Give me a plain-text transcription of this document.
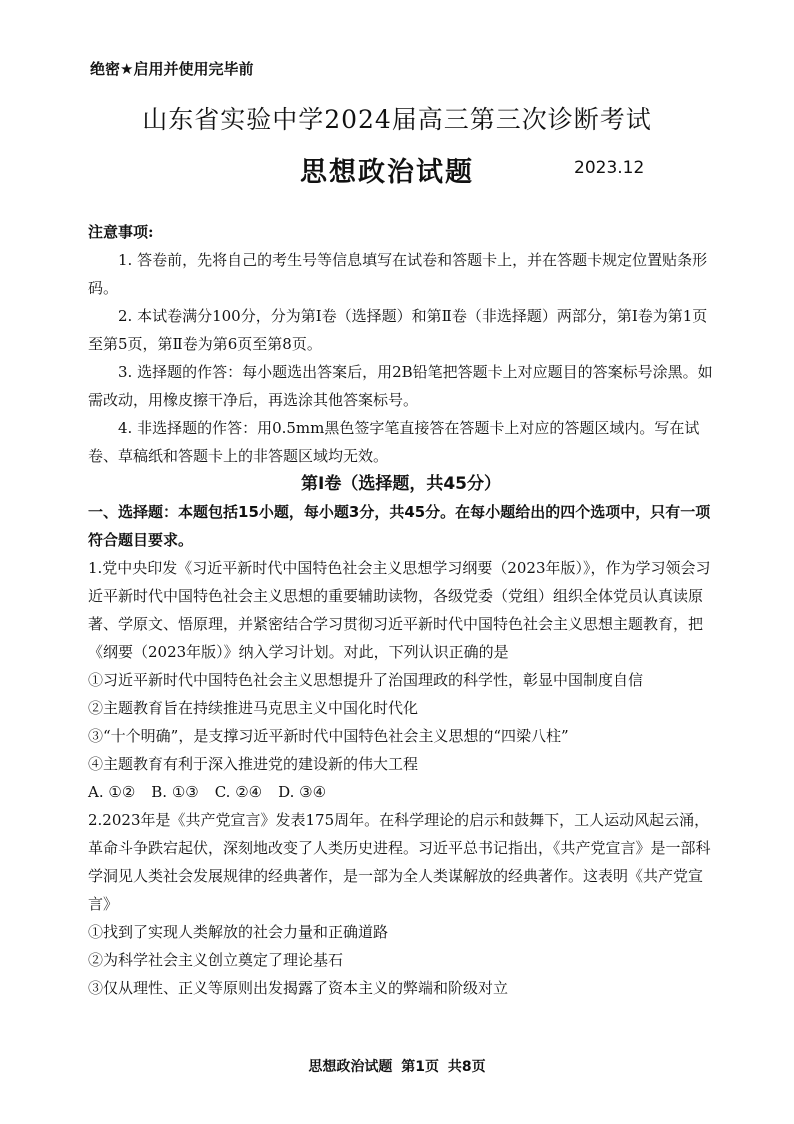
绝密★启用并使用完毕前
山东省实验中学2024届高三第三次诊断考试
思想政治试题	2023.12

注意事项:

1. 答卷前，先将自己的考生号等信息填写在试卷和答题卡上，并在答题卡规定位置贴条形码。

2. 本试卷满分100分，分为第Ⅰ卷（选择题）和第Ⅱ卷（非选择题）两部分，第Ⅰ卷为第1页至第5页，第Ⅱ卷为第6页至第8页。

3. 选择题的作答：每小题选出答案后，用2B铅笔把答题卡上对应题目的答案标号涂黑。如需改动，用橡皮擦干净后，再选涂其他答案标号。

4. 非选择题的作答：用0.5mm黑色签字笔直接答在答题卡上对应的答题区域内。写在试卷、草稿纸和答题卡上的非答题区域均无效。

第Ⅰ卷（选择题，共45分）

一、选择题：本题包括15小题，每小题3分，共45分。在每小题给出的四个选项中，只有一项符合题目要求。

1.党中央印发《习近平新时代中国特色社会主义思想学习纲要（2023年版）》，作为学习领会习近平新时代中国特色社会主义思想的重要辅助读物，各级党委（党组）组织全体党员认真读原著、学原文、悟原理，并紧密结合学习贯彻习近平新时代中国特色社会主义思想主题教育，把《纲要（2023年版）》纳入学习计划。对此，下列认识正确的是

①习近平新时代中国特色社会主义思想提升了治国理政的科学性，彰显中国制度自信

②主题教育旨在持续推进马克思主义中国化时代化

③“十个明确”，是支撑习近平新时代中国特色社会主义思想的“四梁八柱”

④主题教育有利于深入推进党的建设新的伟大工程

A. ①② B. ①③ C. ②④ D. ③④

2.2023年是《共产党宣言》发表175周年。在科学理论的启示和鼓舞下，工人运动风起云涌，革命斗争跌宕起伏，深刻地改变了人类历史进程。习近平总书记指出，《共产党宣言》是一部科学洞见人类社会发展规律的经典著作，是一部为全人类谋解放的经典著作。这表明《共产党宣言》

①找到了实现人类解放的社会力量和正确道路

②为科学社会主义创立奠定了理论基石

③仅从理性、正义等原则出发揭露了资本主义的弊端和阶级对立

思想政治试题 第1页 共8页
